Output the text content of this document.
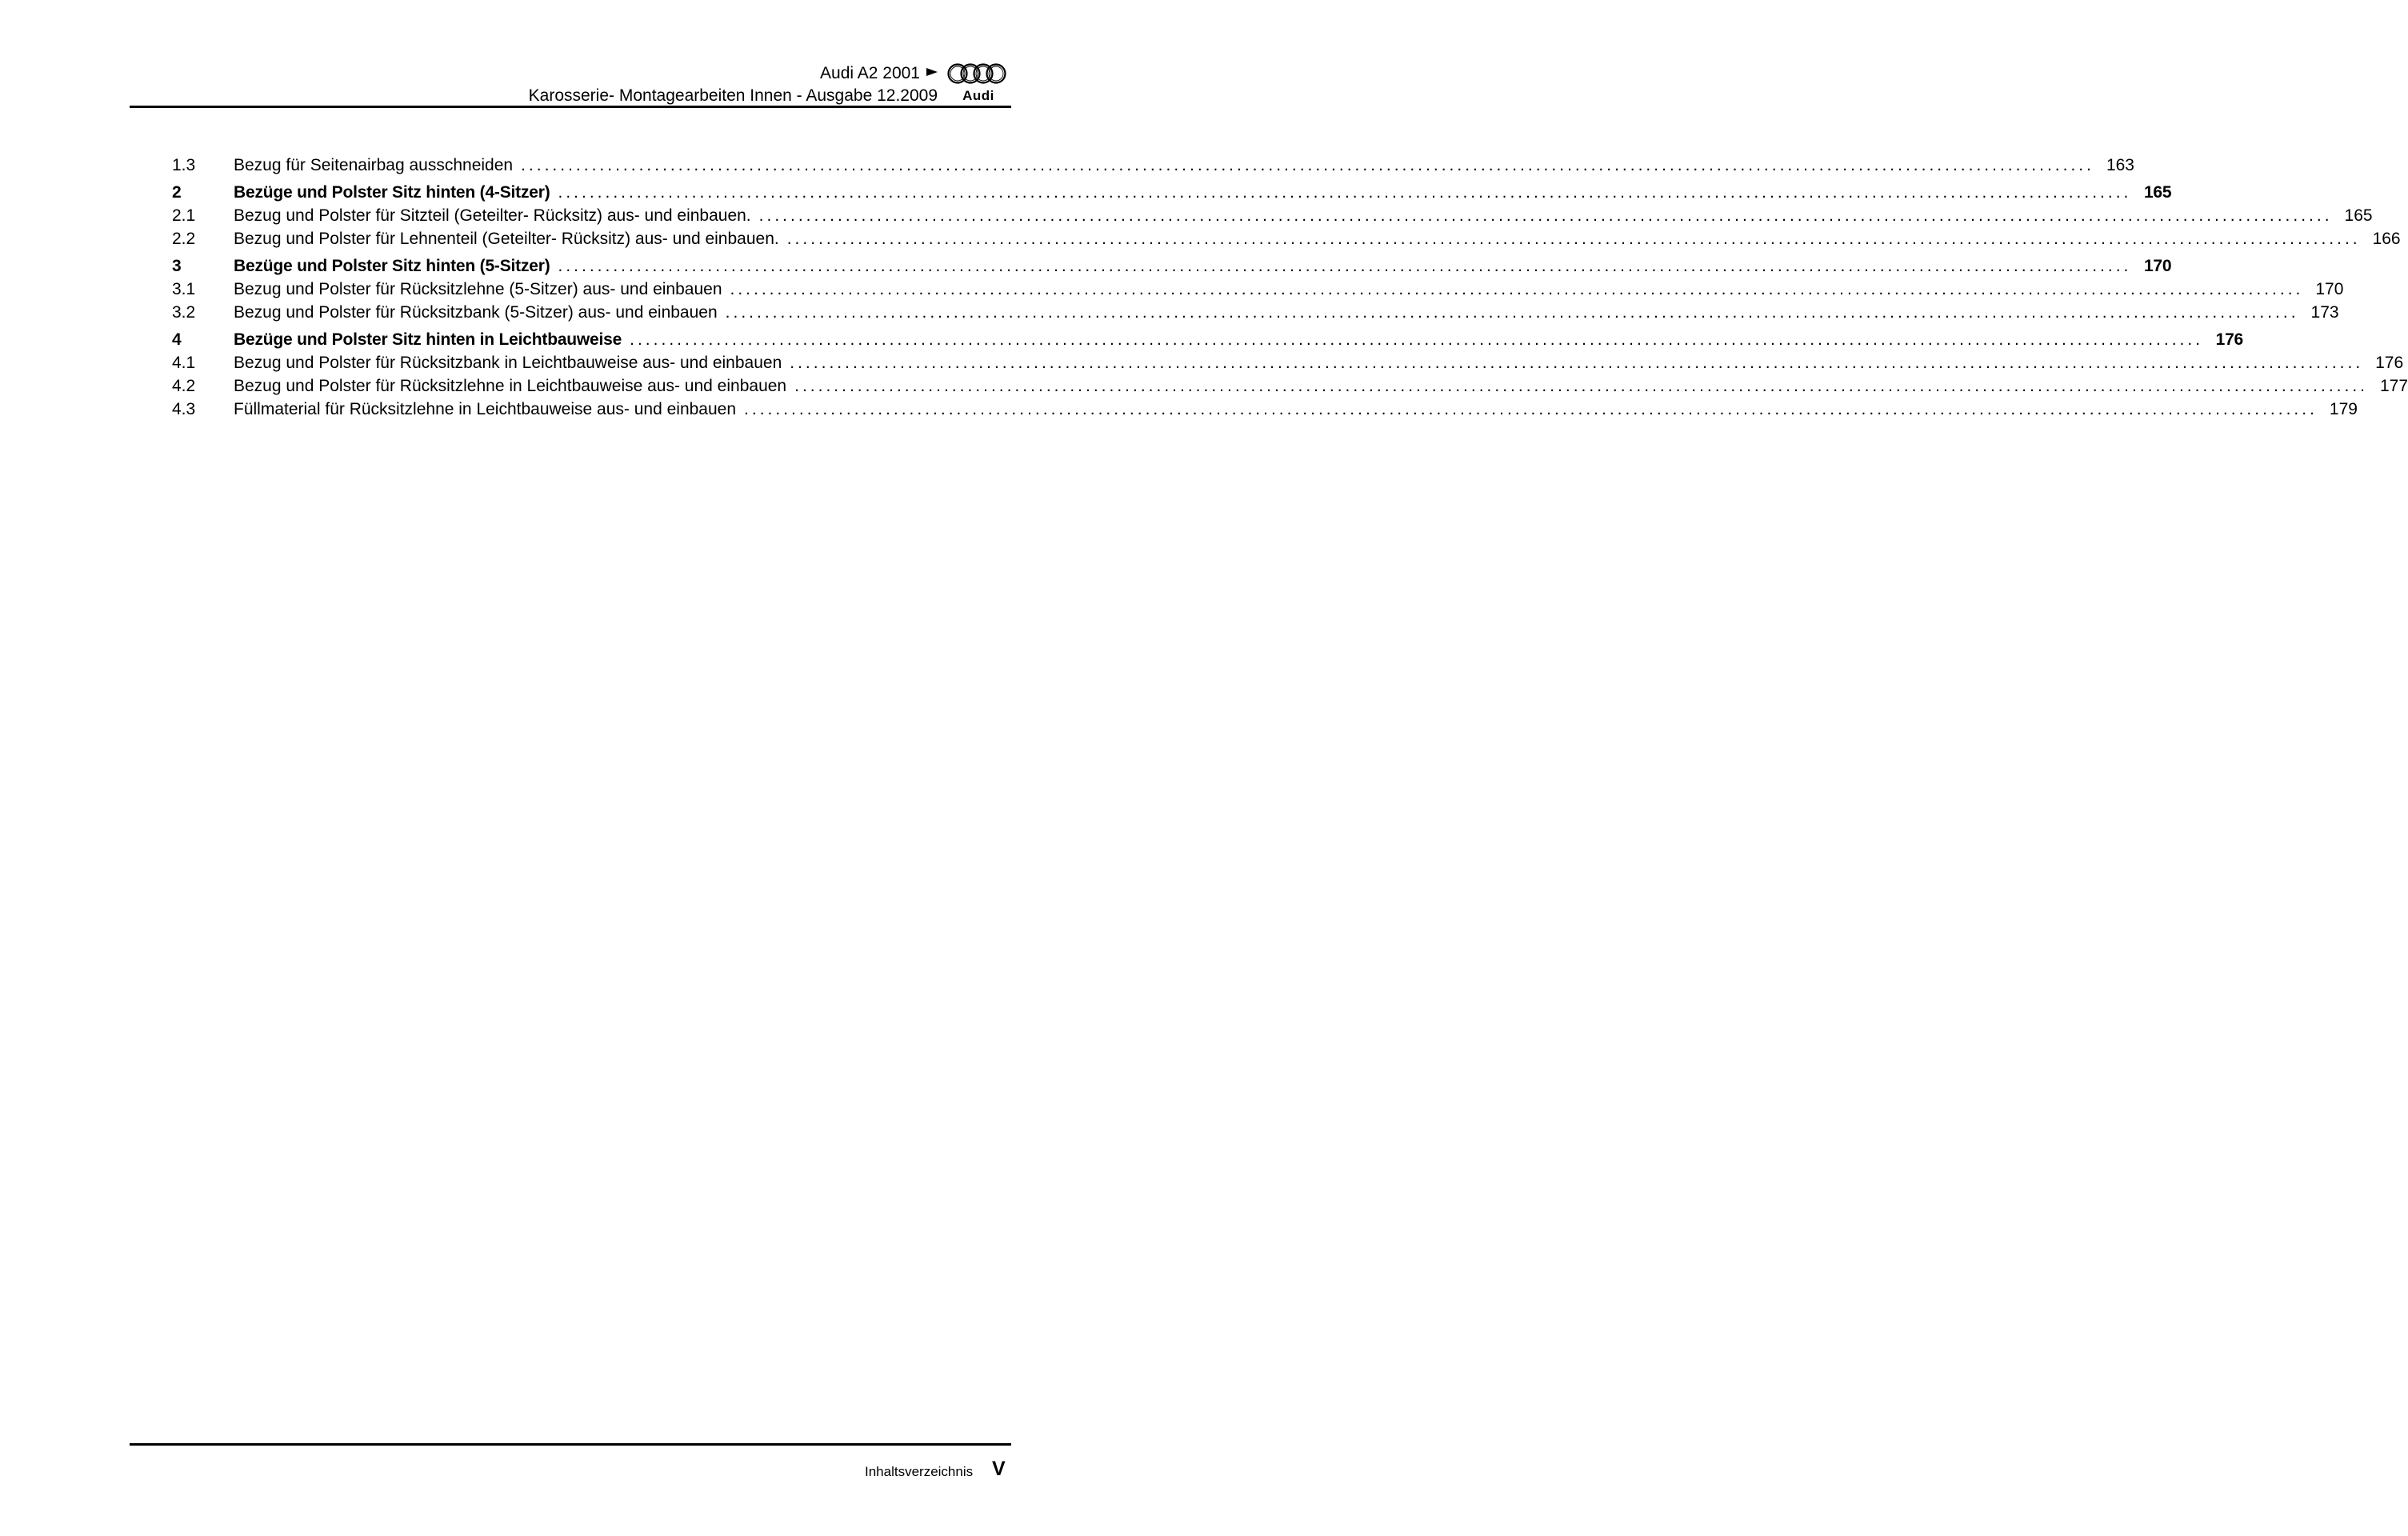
Audi A2 2001
Karosserie- Montagearbeiten Innen - Ausgabe 12.2009	Audi
1.3	Bezug für Seitenairbag ausschneiden ........................................................................................................................................................................................................ 163
2	Bezüge und Polster Sitz hinten (4-Sitzer) ........................................................................................................................................................................................................ 165
2.1	Bezug und Polster für Sitzteil (Geteilter- Rücksitz) aus- und einbauen. ........................................................................................................................................................................................................ 165
2.2	Bezug und Polster für Lehnenteil (Geteilter- Rücksitz) aus- und einbauen. ........................................................................................................................................................................................................ 166
3	Bezüge und Polster Sitz hinten (5-Sitzer) ........................................................................................................................................................................................................ 170
3.1	Bezug und Polster für Rücksitzlehne (5-Sitzer) aus- und einbauen ........................................................................................................................................................................................................ 170
3.2	Bezug und Polster für Rücksitzbank (5-Sitzer) aus- und einbauen ........................................................................................................................................................................................................ 173
4	Bezüge und Polster Sitz hinten in Leichtbauweise ........................................................................................................................................................................................................ 176
4.1	Bezug und Polster für Rücksitzbank in Leichtbauweise aus- und einbauen ........................................................................................................................................................................................................ 176
4.2	Bezug und Polster für Rücksitzlehne in Leichtbauweise aus- und einbauen ........................................................................................................................................................................................................ 177
4.3	Füllmaterial für Rücksitzlehne in Leichtbauweise aus- und einbauen ........................................................................................................................................................................................................ 179
Inhaltsverzeichnis V
